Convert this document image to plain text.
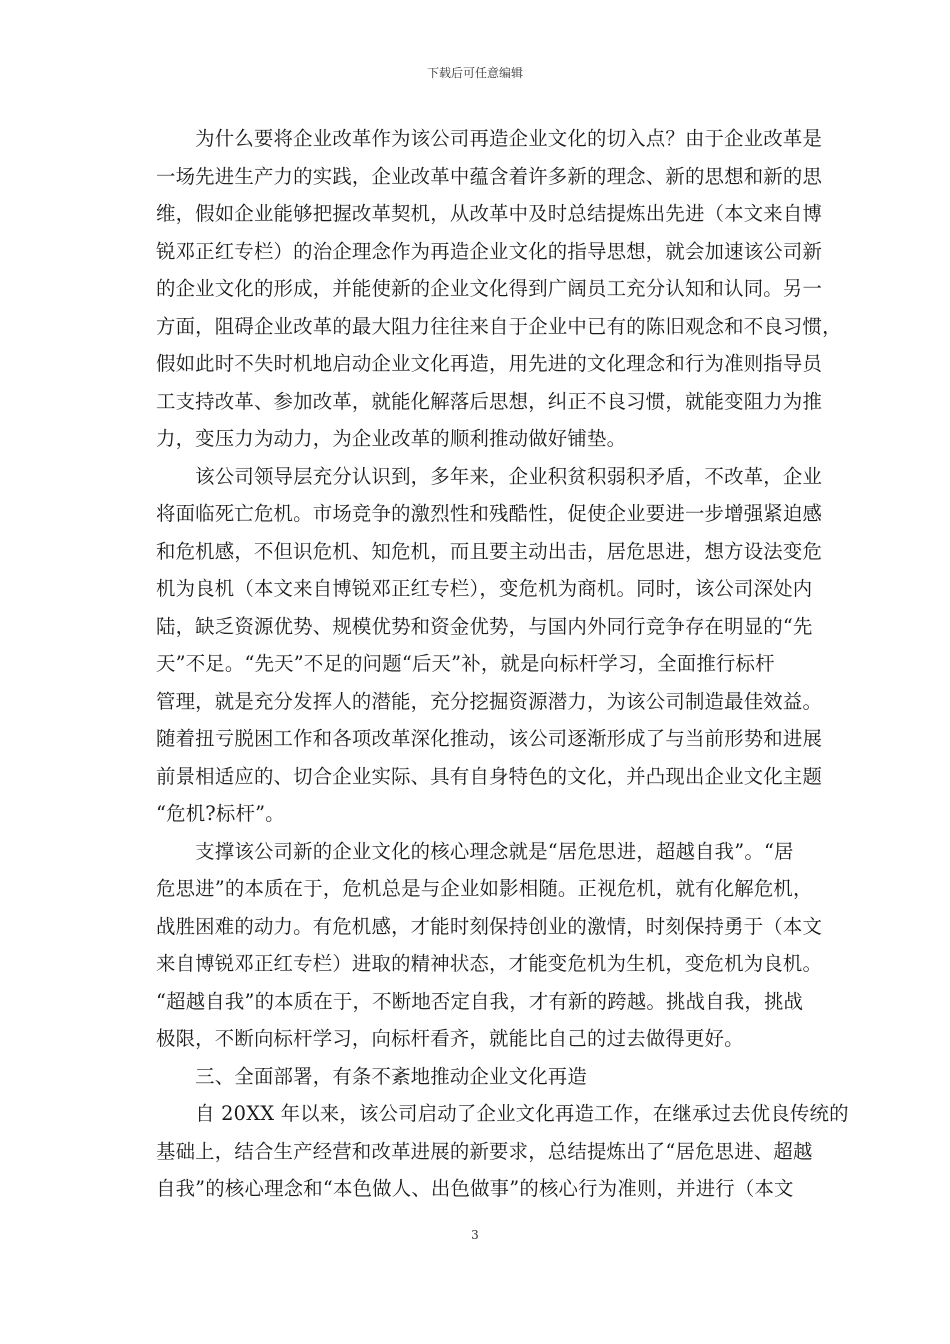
下载后可任意编辑
　　为什么要将企业改革作为该公司再造企业文化的切入点？由于企业改革是
一场先进生产力的实践，企业改革中蕴含着许多新的理念、新的思想和新的思
维，假如企业能够把握改革契机，从改革中及时总结提炼出先进（本文来自博
锐邓正红专栏）的治企理念作为再造企业文化的指导思想，就会加速该公司新
的企业文化的形成，并能使新的企业文化得到广阔员工充分认知和认同。另一
方面，阻碍企业改革的最大阻力往往来自于企业中已有的陈旧观念和不良习惯，
假如此时不失时机地启动企业文化再造，用先进的文化理念和行为准则指导员
工支持改革、参加改革，就能化解落后思想，纠正不良习惯，就能变阻力为推
力，变压力为动力，为企业改革的顺利推动做好铺垫。
　　该公司领导层充分认识到，多年来，企业积贫积弱积矛盾，不改革，企业
将面临死亡危机。市场竞争的激烈性和残酷性，促使企业要进一步增强紧迫感
和危机感，不但识危机、知危机，而且要主动出击，居危思进，想方设法变危
机为良机（本文来自博锐邓正红专栏），变危机为商机。同时，该公司深处内
陆，缺乏资源优势、规模优势和资金优势，与国内外同行竞争存在明显的“先
天”不足。“先天”不足的问题“后天”补，就是向标杆学习，全面推行标杆
管理，就是充分发挥人的潜能，充分挖掘资源潜力，为该公司制造最佳效益。
随着扭亏脱困工作和各项改革深化推动，该公司逐渐形成了与当前形势和进展
前景相适应的、切合企业实际、具有自身特色的文化，并凸现出企业文化主题
“危机?标杆”。
　　支撑该公司新的企业文化的核心理念就是“居危思进，超越自我”。“居
危思进”的本质在于，危机总是与企业如影相随。正视危机，就有化解危机，
战胜困难的动力。有危机感，才能时刻保持创业的激情，时刻保持勇于（本文
来自博锐邓正红专栏）进取的精神状态，才能变危机为生机，变危机为良机。
“超越自我”的本质在于，不断地否定自我，才有新的跨越。挑战自我，挑战
极限，不断向标杆学习，向标杆看齐，就能比自己的过去做得更好。
　　三、全面部署，有条不紊地推动企业文化再造
　　自 20XX 年以来，该公司启动了企业文化再造工作，在继承过去优良传统的
基础上，结合生产经营和改革进展的新要求，总结提炼出了“居危思进、超越
自我”的核心理念和“本色做人、出色做事”的核心行为准则，并进行（本文
3
